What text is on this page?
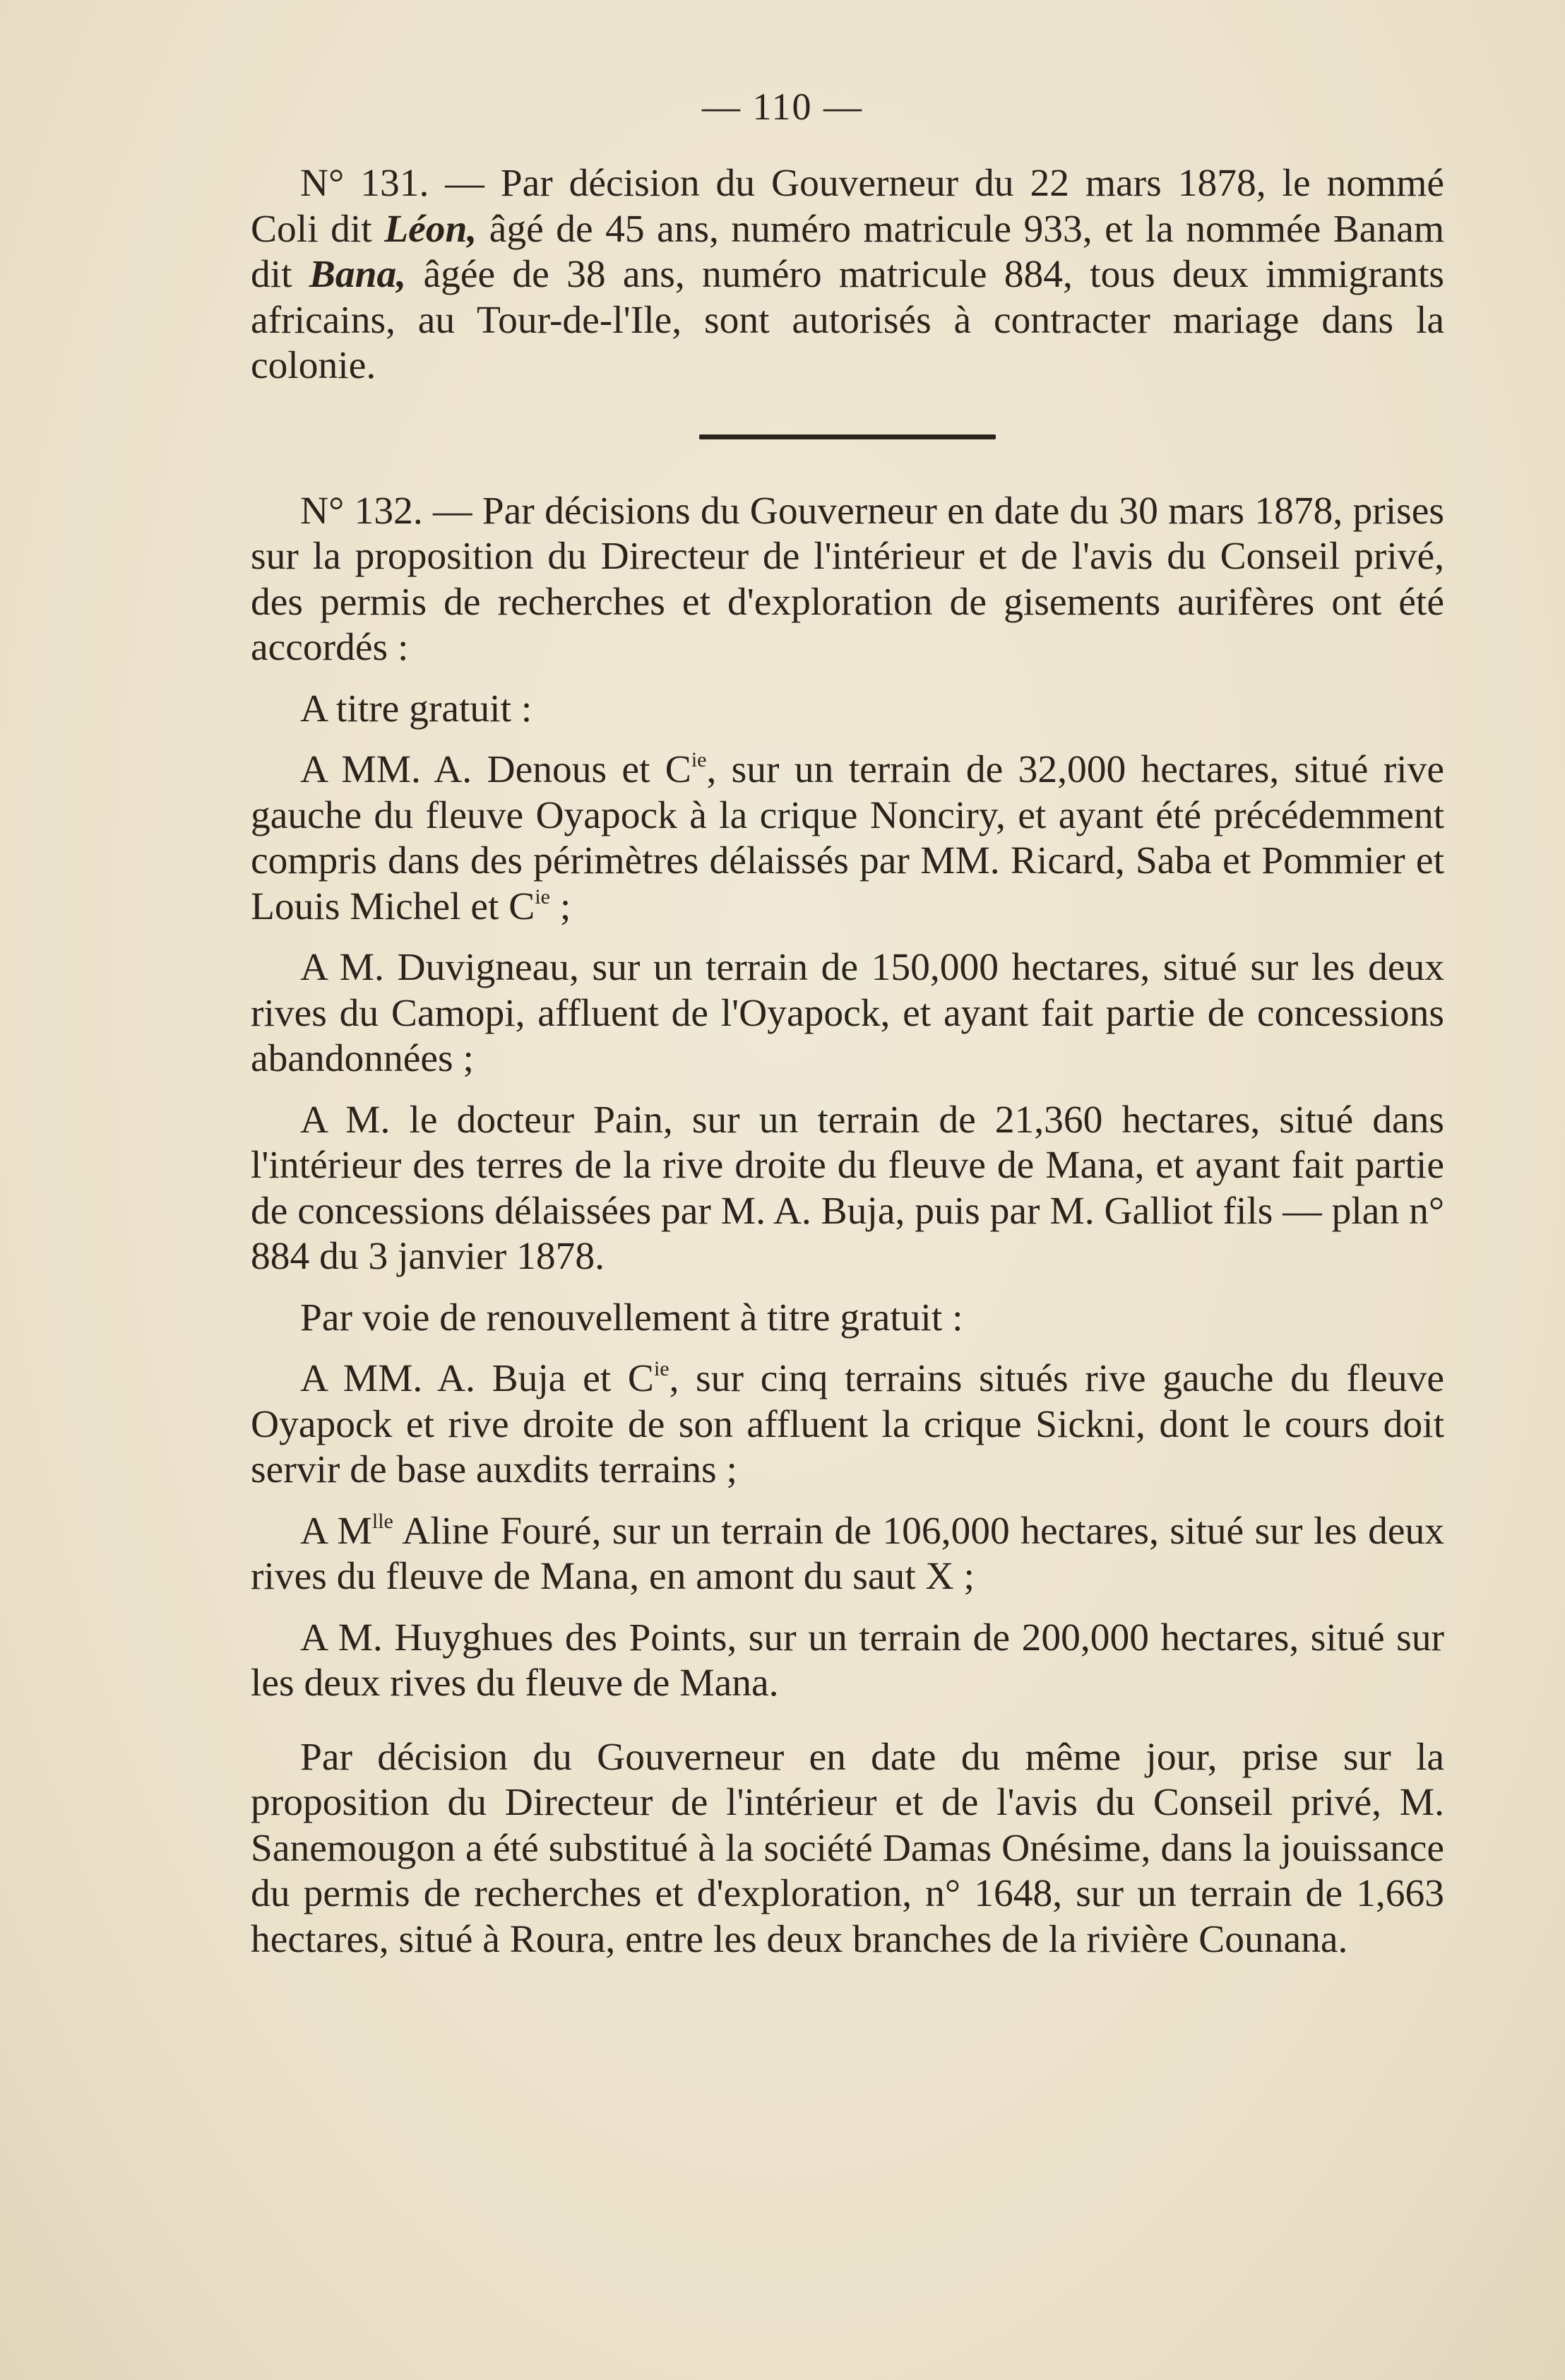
— 110 —

N° 131. — Par décision du Gouverneur du 22 mars 1878, le nommé Coli dit Léon, âgé de 45 ans, numéro matricule 933, et la nommée Banam dit Bana, âgée de 38 ans, numéro matricule 884, tous deux immigrants africains, au Tour-de-l'Ile, sont autorisés à contracter mariage dans la colonie.

N° 132. — Par décisions du Gouverneur en date du 30 mars 1878, prises sur la proposition du Directeur de l'intérieur et de l'avis du Conseil privé, des permis de recherches et d'exploration de gisements aurifères ont été accordés :

A titre gratuit :

A MM. A. Denous et $C^{ie}$, sur un terrain de 32,000 hectares, situé rive gauche du fleuve Oyapock à la crique Nonciry, et ayant été précédemment compris dans des périmètres délaissés par MM. Ricard, Saba et Pommier et Louis Michel et $C^{ie}$ ;

A M. Duvigneau, sur un terrain de 150,000 hectares, situé sur les deux rives du Camopi, affluent de l'Oyapock, et ayant fait partie de concessions abandonnées ;

A M. le docteur Pain, sur un terrain de 21,360 hectares, situé dans l'intérieur des terres de la rive droite du fleuve de Mana, et ayant fait partie de concessions délaissées par M. A. Buja, puis par M. Galliot fils — plan n° 884 du 3 janvier 1878.

Par voie de renouvellement à titre gratuit :

A MM. A. Buja et $C^{ie}$, sur cinq terrains situés rive gauche du fleuve Oyapock et rive droite de son affluent la crique Sickni, dont le cours doit servir de base auxdits terrains ;

A $M^{lle}$ Aline Fouré, sur un terrain de 106,000 hectares, situé sur les deux rives du fleuve de Mana, en amont du saut X ;

A M. Huyghues des Points, sur un terrain de 200,000 hectares, situé sur les deux rives du fleuve de Mana.

Par décision du Gouverneur en date du même jour, prise sur la proposition du Directeur de l'intérieur et de l'avis du Conseil privé, M. Sanemougon a été substitué à la société Damas Onésime, dans la jouissance du permis de recherches et d'exploration, n° 1648, sur un terrain de 1,663 hectares, situé à Roura, entre les deux branches de la rivière Counana.
